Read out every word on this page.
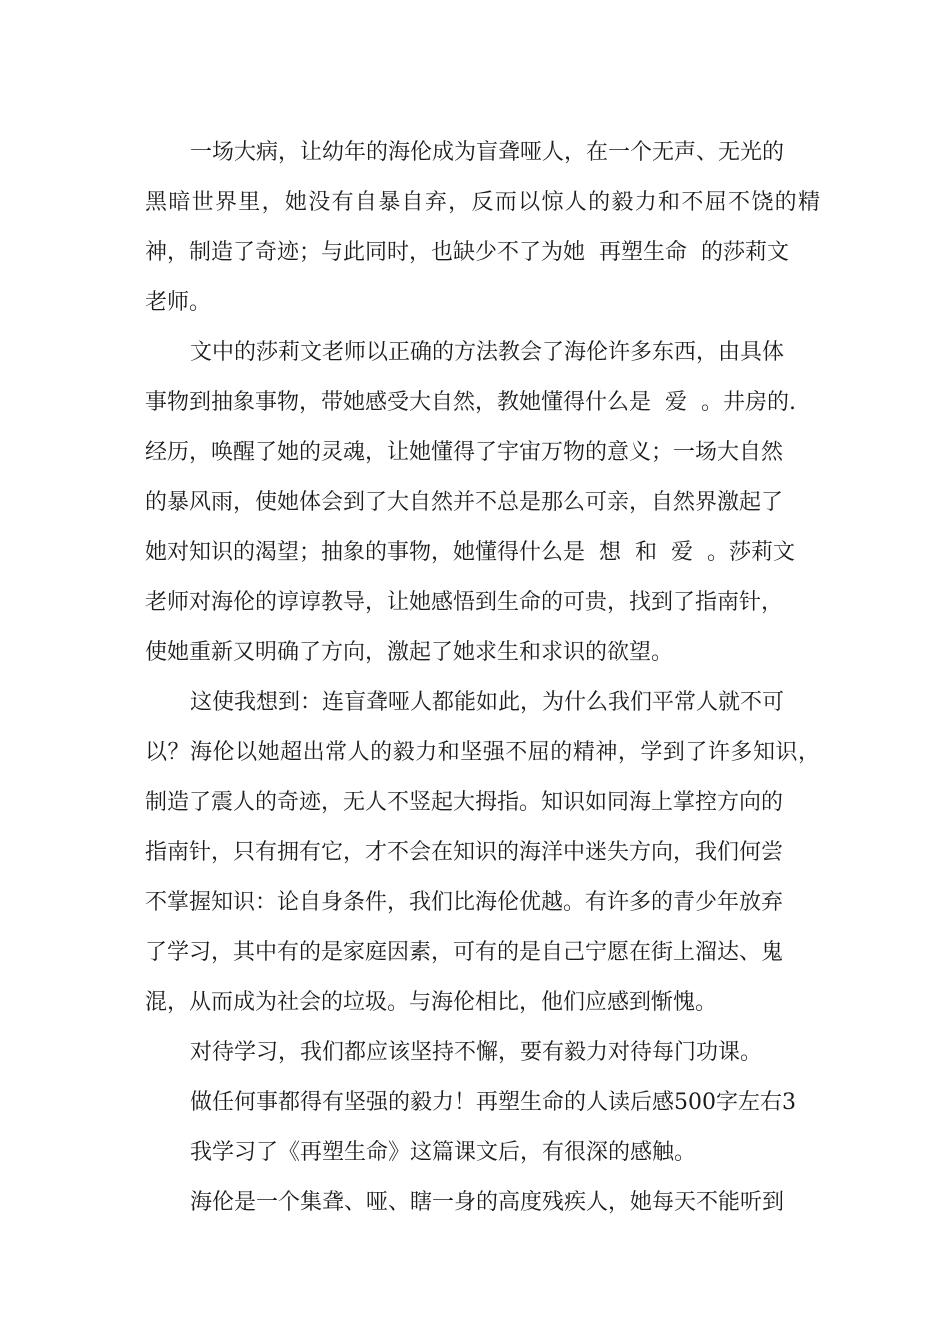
一场大病，让幼年的海伦成为盲聋哑人，在一个无声、无光的
黑暗世界里，她没有自暴自弃，反而以惊人的毅力和不屈不饶的精
神，制造了奇迹；与此同时，也缺少不了为她  再塑生命  的莎莉文
老师。
文中的莎莉文老师以正确的方法教会了海伦许多东西，由具体
事物到抽象事物，带她感受大自然，教她懂得什么是  爱  。井房的.
经历，唤醒了她的灵魂，让她懂得了宇宙万物的意义；一场大自然
的暴风雨，使她体会到了大自然并不总是那么可亲，自然界激起了
她对知识的渴望；抽象的事物，她懂得什么是  想  和  爱  。莎莉文
老师对海伦的谆谆教导，让她感悟到生命的可贵，找到了指南针，
使她重新又明确了方向，激起了她求生和求识的欲望。
这使我想到：连盲聋哑人都能如此，为什么我们平常人就不可
以？海伦以她超出常人的毅力和坚强不屈的精神，学到了许多知识，
制造了震人的奇迹，无人不竖起大拇指。知识如同海上掌控方向的
指南针，只有拥有它，才不会在知识的海洋中迷失方向，我们何尝
不掌握知识：论自身条件，我们比海伦优越。有许多的青少年放弃
了学习，其中有的是家庭因素，可有的是自己宁愿在街上溜达、鬼
混，从而成为社会的垃圾。与海伦相比，他们应感到惭愧。
对待学习，我们都应该坚持不懈，要有毅力对待每门功课。
做任何事都得有坚强的毅力！再塑生命的人读后感500字左右3
我学习了《再塑生命》这篇课文后，有很深的感触。
海伦是一个集聋、哑、瞎一身的高度残疾人，她每天不能听到
